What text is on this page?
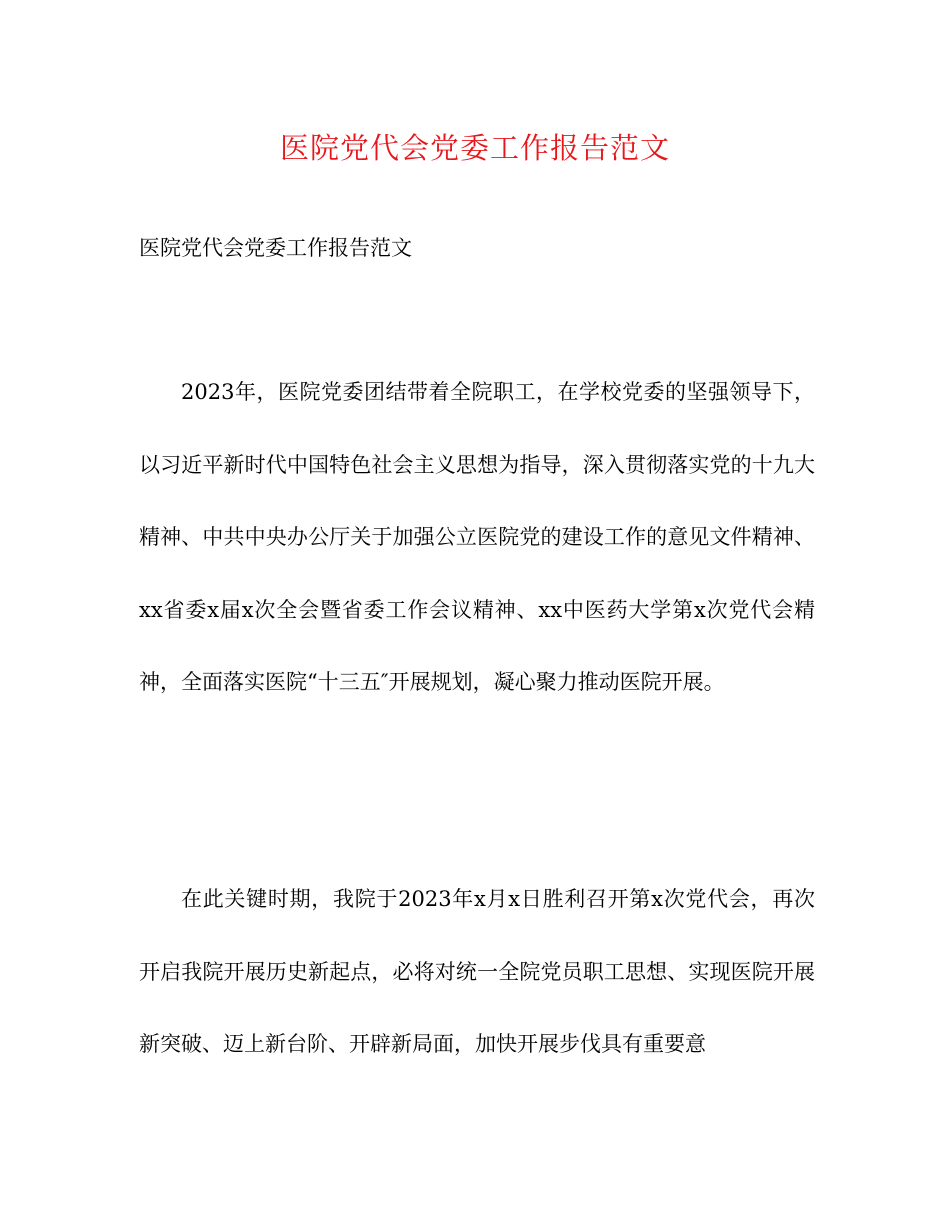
医院党代会党委工作报告范文

医院党代会党委工作报告范文

2023年，医院党委团结带着全院职工，在学校党委的坚强领导下，以习近平新时代中国特色社会主义思想为指导，深入贯彻落实党的十九大精神、中共中央办公厅关于加强公立医院党的建设工作的意见文件精神、xx省委x届x次全会暨省委工作会议精神、xx中医药大学第x次党代会精神，全面落实医院“十三五″开展规划，凝心聚力推动医院开展。

在此关键时期，我院于2023年x月x日胜利召开第x次党代会，再次开启我院开展历史新起点，必将对统一全院党员职工思想、实现医院开展新突破、迈上新台阶、开辟新局面，加快开展步伐具有重要意
